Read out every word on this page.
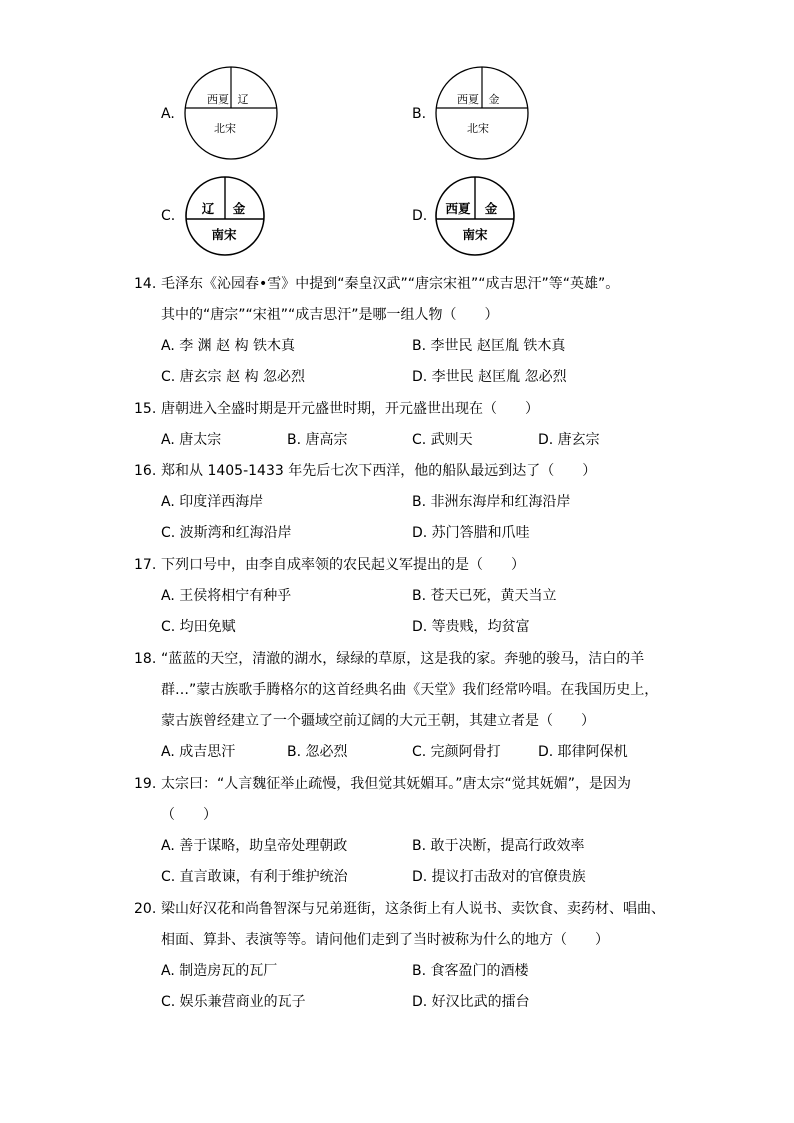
A.
西夏 辽
北宋
B.
西夏 金
北宋
C. 辽 金
南宋
D. 西夏 金
南宋
14. 毛泽东《沁园春•雪》中提到“秦皇汉武”“唐宗宋祖”“成吉思汗”等“英雄”。
其中的“唐宗”“宋祖”“成吉思汗”是哪一组人物（　　）
A. 李 渊 赵 构 铁木真	B. 李世民 赵匡胤 铁木真
C. 唐玄宗 赵 构 忽必烈	D. 李世民 赵匡胤 忽必烈
15. 唐朝进入全盛时期是开元盛世时期，开元盛世出现在（　　）
A. 唐太宗	B. 唐高宗	C. 武则天	D. 唐玄宗
16. 郑和从 1405-1433 年先后七次下西洋，他的船队最远到达了（　　）
A. 印度洋西海岸	B. 非洲东海岸和红海沿岸
C. 波斯湾和红海沿岸	D. 苏门答腊和爪哇
17. 下列口号中，由李自成率领的农民起义军提出的是（　　）
A. 王侯将相宁有种乎	B. 苍天已死，黄天当立
C. 均田免赋	D. 等贵贱，均贫富
18. “蓝蓝的天空，清澈的湖水，绿绿的草原，这是我的家。奔驰的骏马，洁白的羊
群…”蒙古族歌手腾格尔的这首经典名曲《天堂》我们经常吟唱。在我国历史上，
蒙古族曾经建立了一个疆域空前辽阔的大元王朝，其建立者是（　　）
A. 成吉思汗	B. 忽必烈	C. 完颜阿骨打	D. 耶律阿保机
19. 太宗曰：“人言魏征举止疏慢，我但觉其妩媚耳。”唐太宗“觉其妩媚”，是因为
（　　）
A. 善于谋略，助皇帝处理朝政	B. 敢于决断，提高行政效率
C. 直言敢谏，有利于维护统治	D. 提议打击敌对的官僚贵族
20. 梁山好汉花和尚鲁智深与兄弟逛街，这条街上有人说书、卖饮食、卖药材、唱曲、
相面、算卦、表演等等。请问他们走到了当时被称为什么的地方（　　）
A. 制造房瓦的瓦厂	B. 食客盈门的酒楼
C. 娱乐兼营商业的瓦子	D. 好汉比武的擂台
